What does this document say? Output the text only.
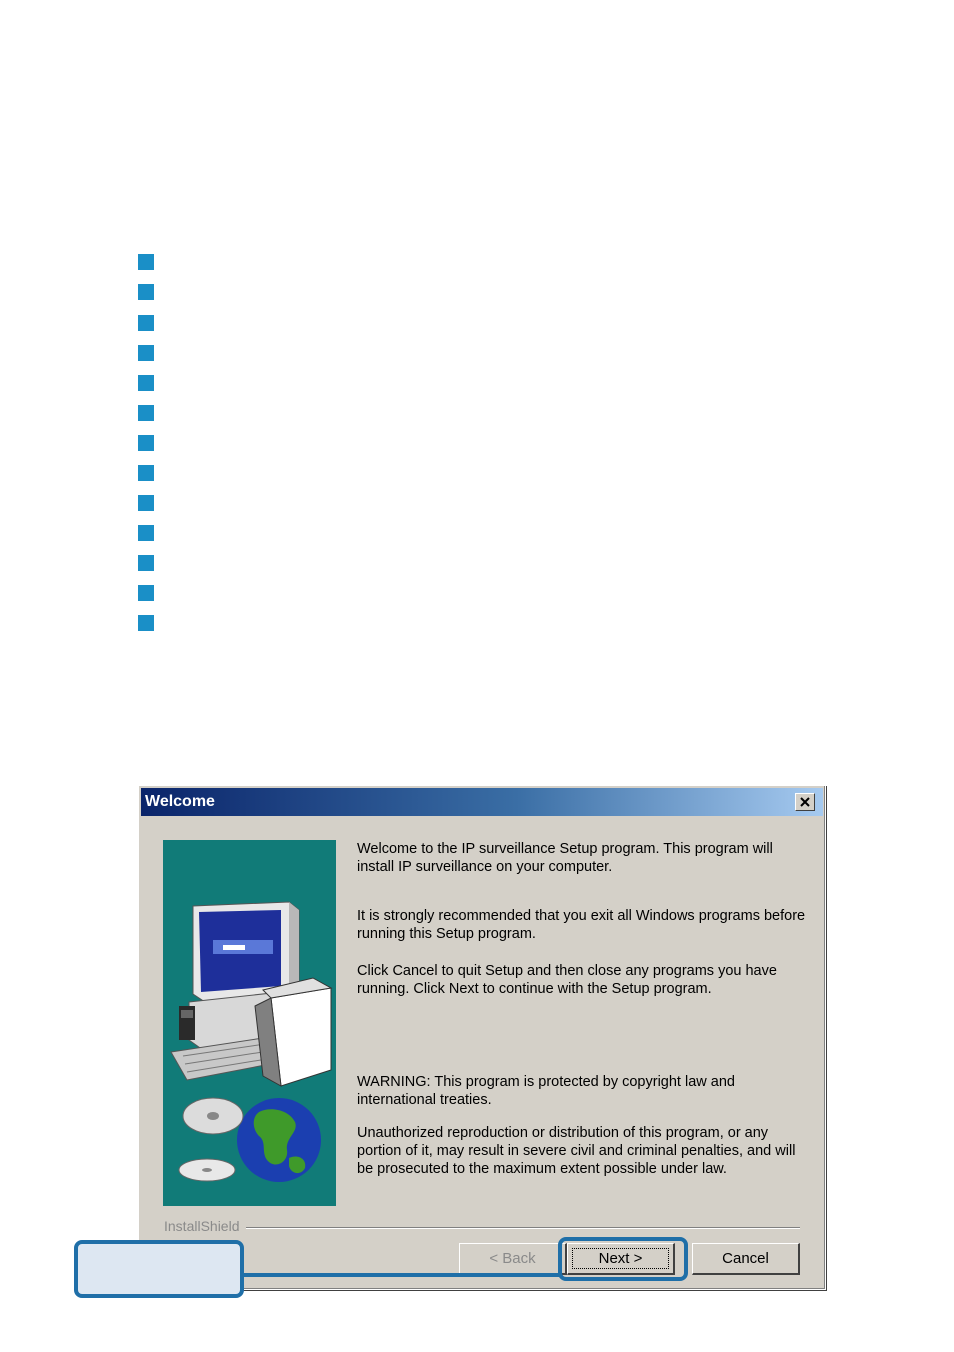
Welcome
Welcome to the IP surveillance Setup program. This program will install IP surveillance on your computer.
It is strongly recommended that you exit all Windows programs before running this Setup program.
Click Cancel to quit Setup and then close any programs you have running. Click Next to continue with the Setup program.
WARNING: This program is protected by copyright law and international treaties.
Unauthorized reproduction or distribution of this program, or any portion of it, may result in severe civil and criminal penalties, and will be prosecuted to the maximum extent possible under law.
InstallShield
< Back	Next >	Cancel
